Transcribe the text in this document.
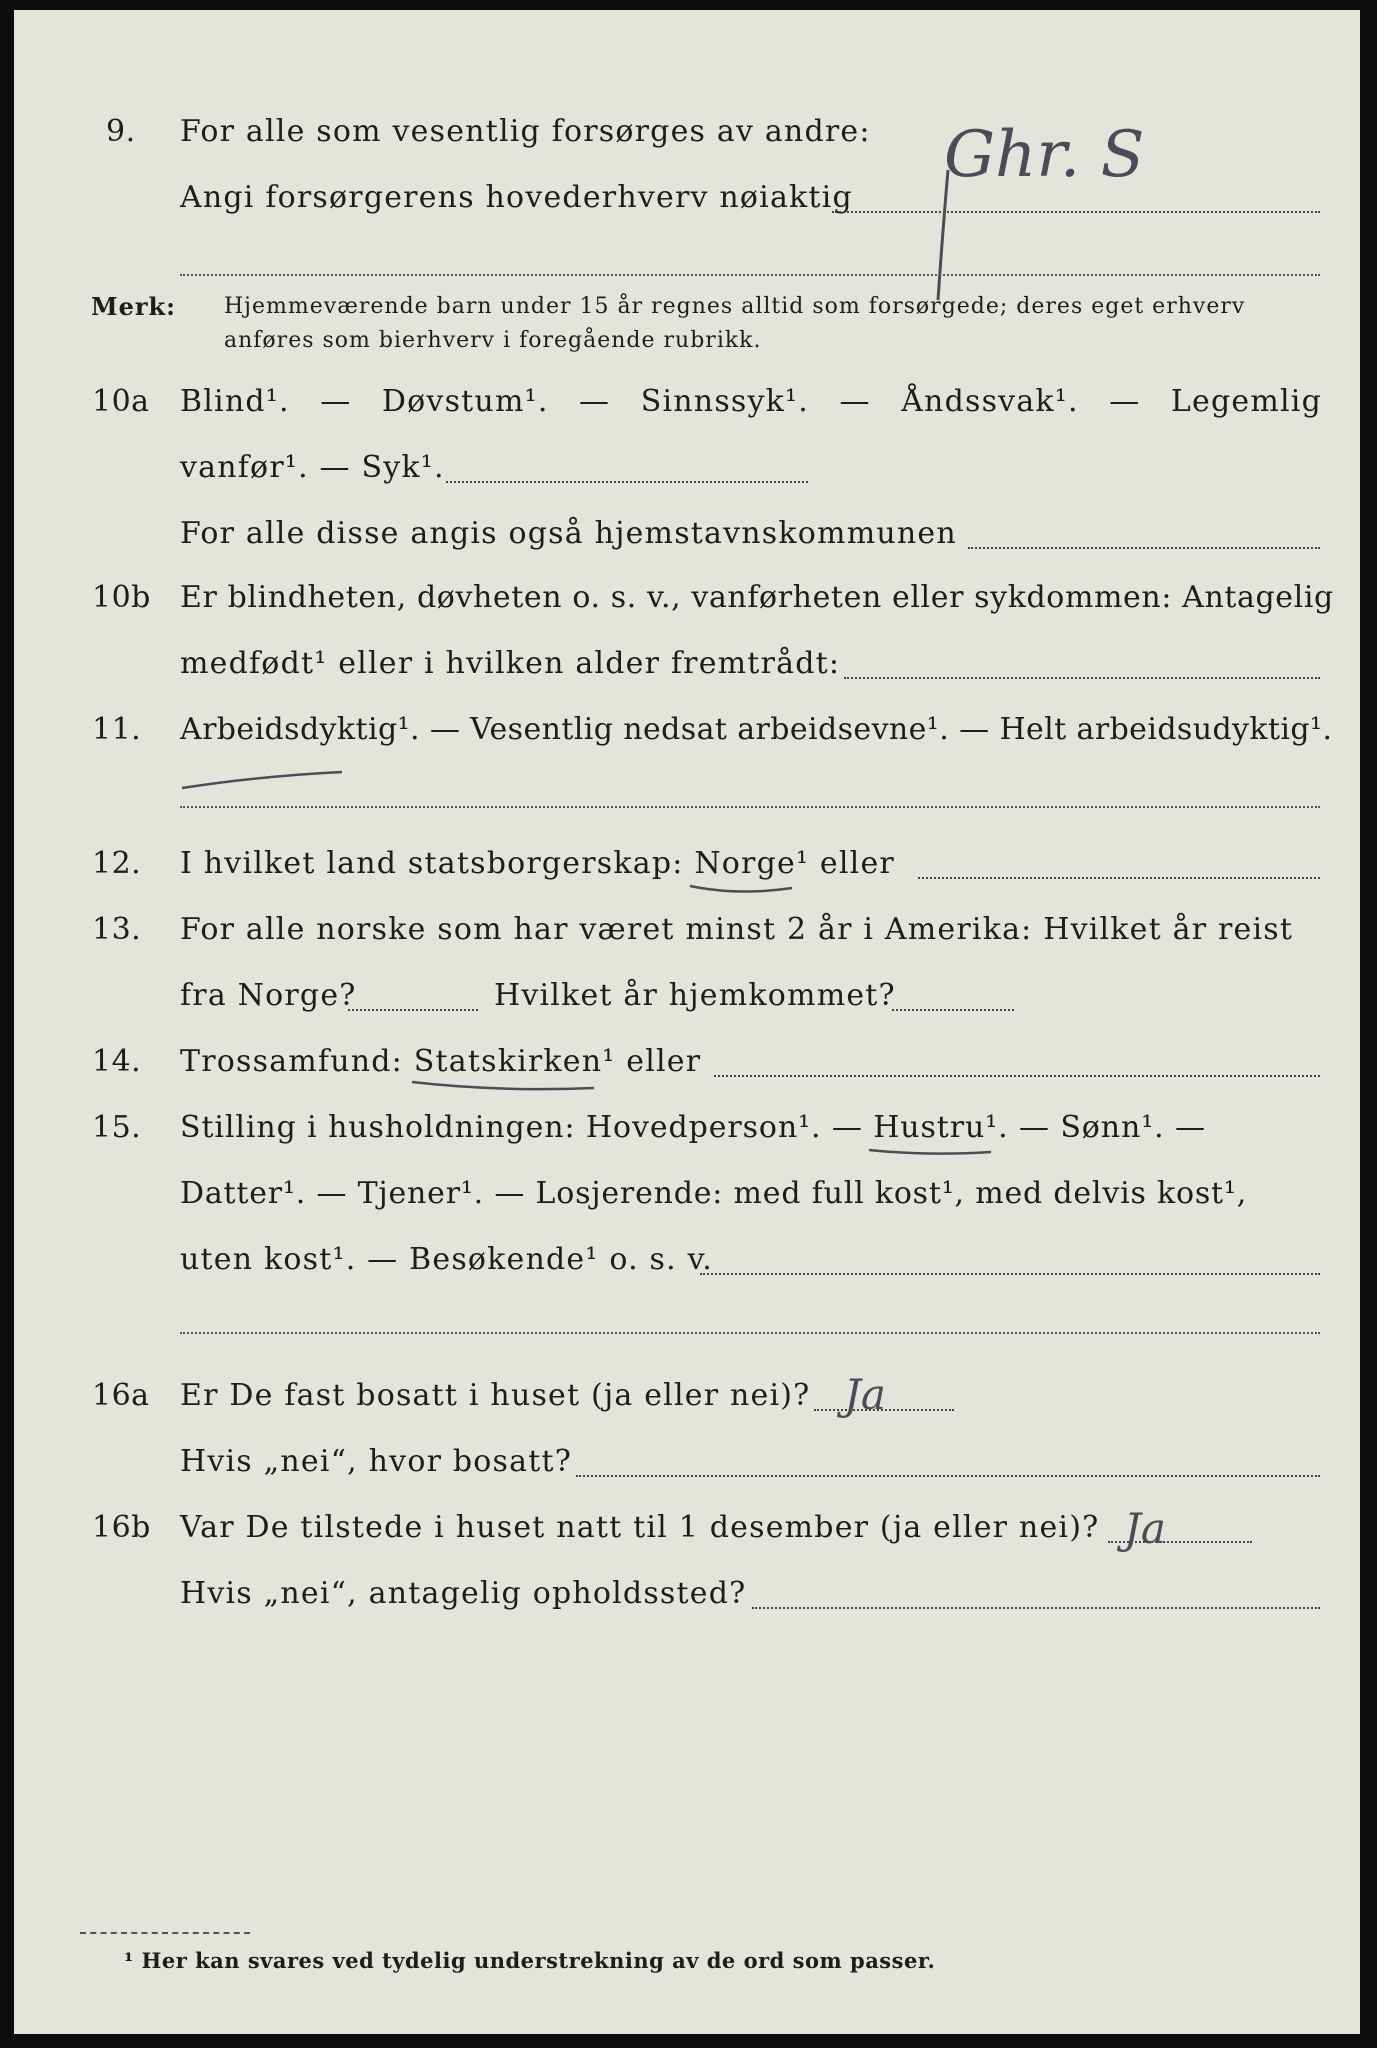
9. For alle som vesentlig forsørges av andre:
Angi forsørgerens hovederhverv nøiaktig
Ghr. S
Merk: Hjemmeværende barn under 15 år regnes alltid som forsørgede; deres eget erhverv
anføres som bierhverv i foregående rubrikk.
10a Blind¹. — Døvstum¹. — Sinnssyk¹. — Åndssvak¹. — Legemlig
vanfør¹. — Syk¹.
For alle disse angis også hjemstavnskommunen
10b Er blindheten, døvheten o. s. v., vanførheten eller sykdommen: Antagelig
medfødt¹ eller i hvilken alder fremtrådt:
11. Arbeidsdyktig¹. — Vesentlig nedsat arbeidsevne¹. — Helt arbeidsudyktig¹.
12. I hvilket land statsborgerskap: Norge¹ eller
13. For alle norske som har været minst 2 år i Amerika: Hvilket år reist
fra Norge?	Hvilket år hjemkommet?
14. Trossamfund: Statskirken¹ eller
15. Stilling i husholdningen: Hovedperson¹. — Hustru¹. — Sønn¹. —
Datter¹. — Tjener¹. — Losjerende: med full kost¹, med delvis kost¹,
uten kost¹. — Besøkende¹ o. s. v.
16a Er De fast bosatt i huset (ja eller nei)? Ja
Hvis „nei“, hvor bosatt?
16b Var De tilstede i huset natt til 1 desember (ja eller nei)? Ja
Hvis „nei“, antagelig opholdssted?
¹ Her kan svares ved tydelig understrekning av de ord som passer.
